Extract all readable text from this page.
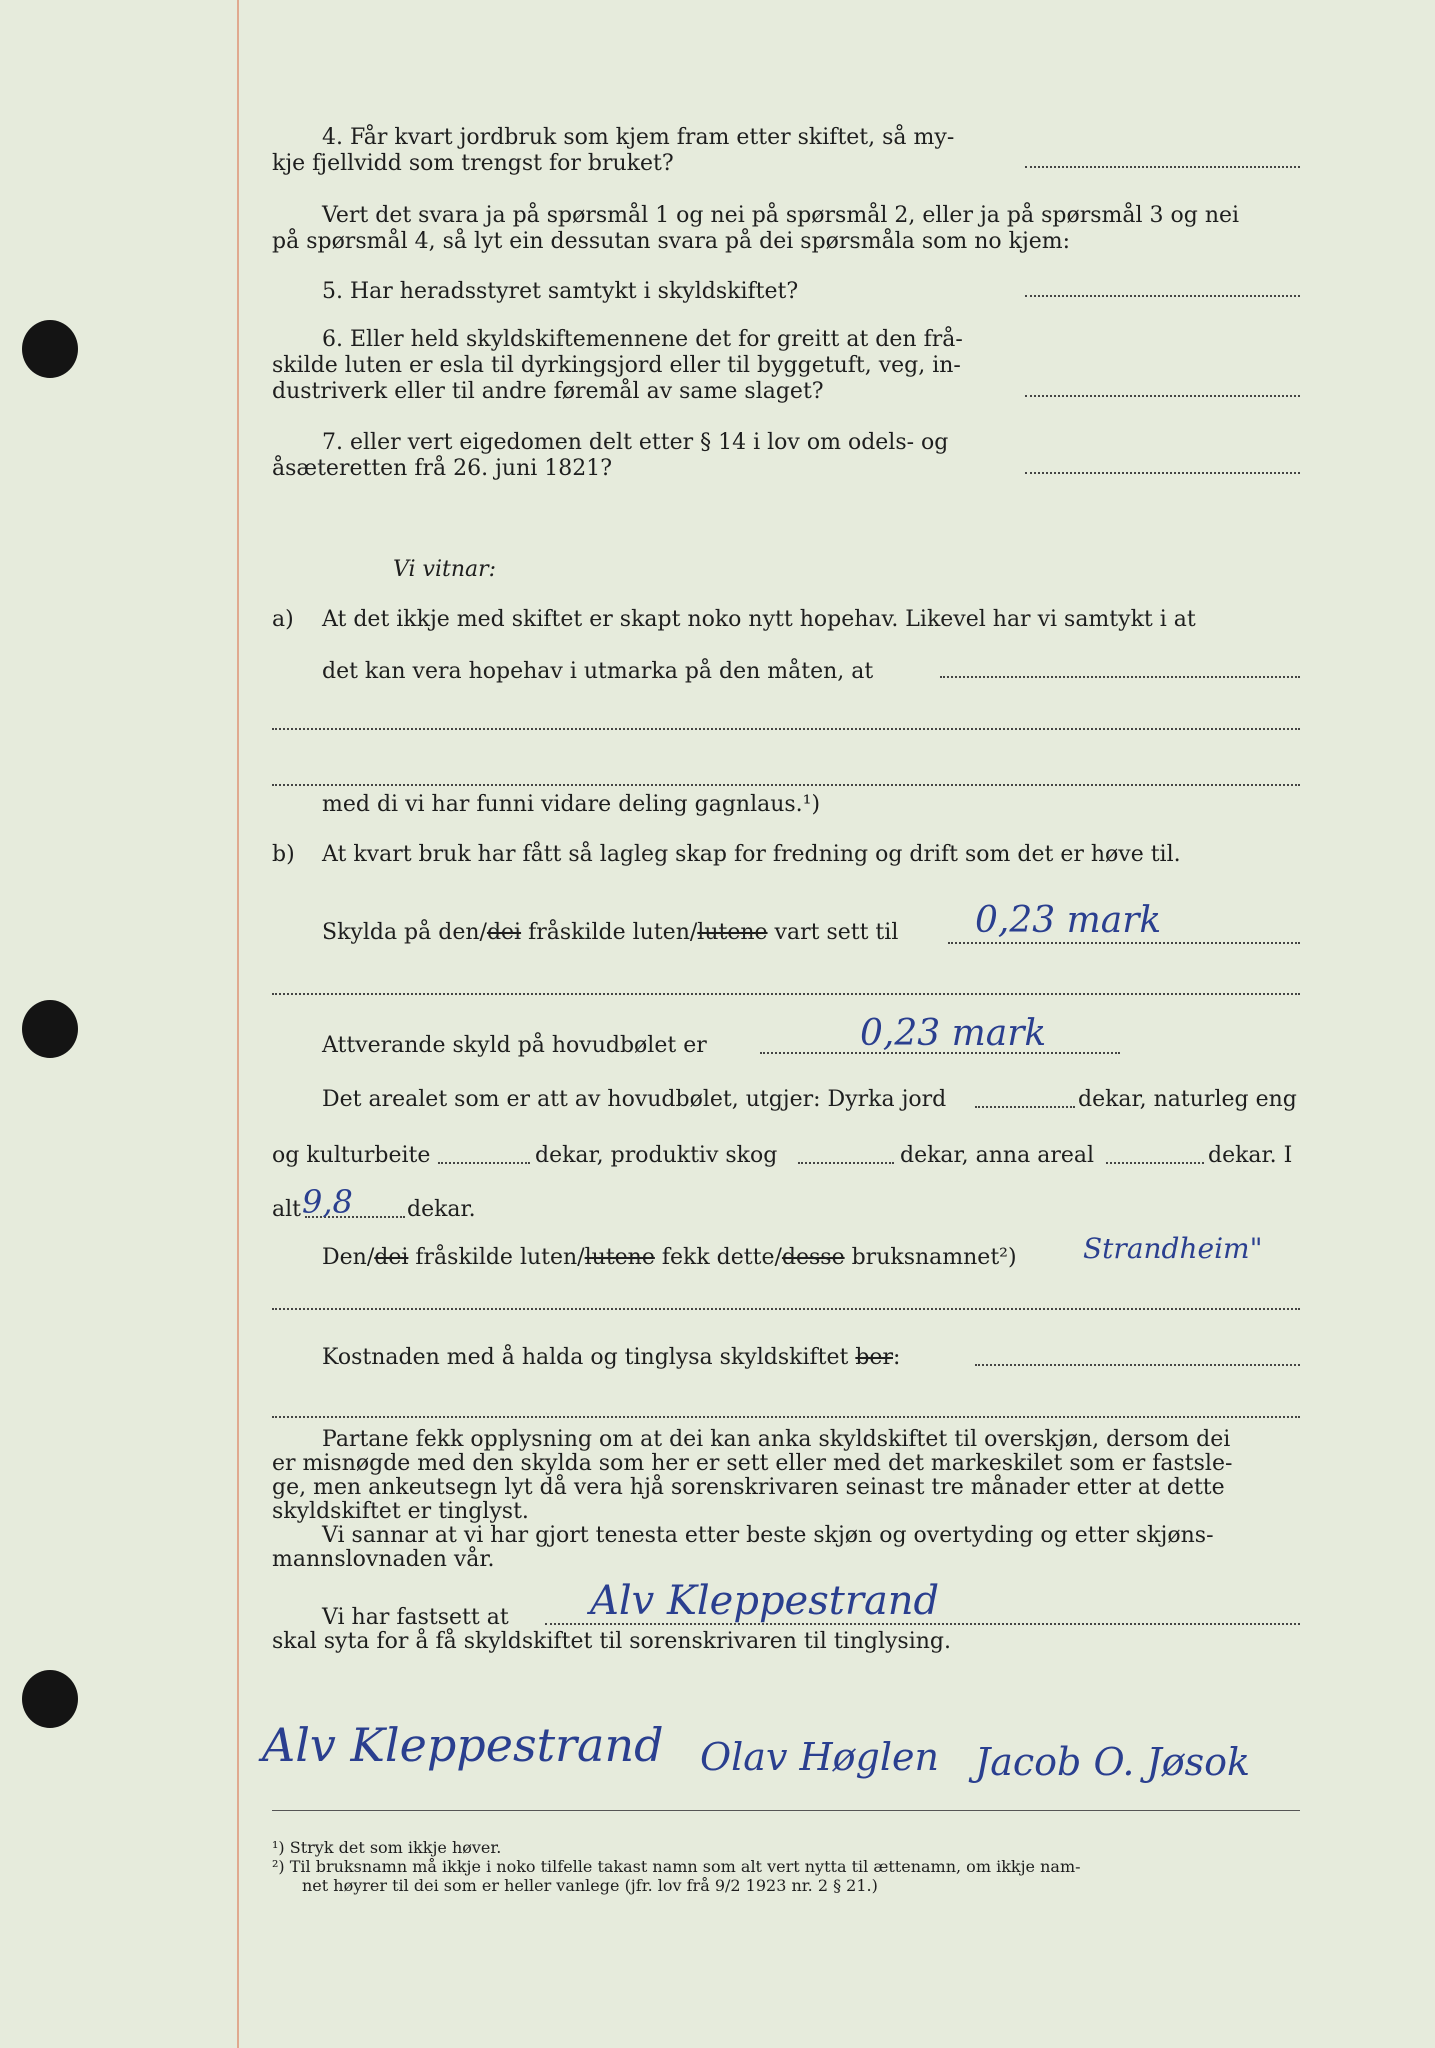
4. Får kvart jordbruk som kjem fram etter skiftet, så my-
kje fjellvidd som trengst for bruket?
Vert det svara ja på spørsmål 1 og nei på spørsmål 2, eller ja på spørsmål 3 og nei
på spørsmål 4, så lyt ein dessutan svara på dei spørsmåla som no kjem:
5. Har heradsstyret samtykt i skyldskiftet?
6. Eller held skyldskiftemennene det for greitt at den frå-
skilde luten er esla til dyrkingsjord eller til byggetuft, veg, in-
dustriverk eller til andre føremål av same slaget?
7. eller vert eigedomen delt etter § 14 i lov om odels- og
åsæteretten frå 26. juni 1821?
Vi vitnar:
a) At det ikkje med skiftet er skapt noko nytt hopehav. Likevel har vi samtykt i at
det kan vera hopehav i utmarka på den måten, at
med di vi har funni vidare deling gagnlaus.¹)
b) At kvart bruk har fått så lagleg skap for fredning og drift som det er høve til.
Skylda på den/dei fråskilde luten/lutene vart sett til 0,23 mark
Attverande skyld på hovudbølet er	0,23 mark
Det arealet som er att av hovudbølet, utgjer: Dyrka jord	dekar, naturleg eng
og kulturbeite	dekar, produktiv skog	dekar, anna areal	dekar. I
alt 9,8 dekar.
Den/dei fråskilde luten/lutene fekk dette/desse bruksnamnet²) Strandheim"
Kostnaden med å halda og tinglysa skyldskiftet ber:
Partane fekk opplysning om at dei kan anka skyldskiftet til overskjøn, dersom dei
er misnøgde med den skylda som her er sett eller med det markeskilet som er fastsle-
ge, men ankeutsegn lyt då vera hjå sorenskrivaren seinast tre månader etter at dette
skyldskiftet er tinglyst.
Vi sannar at vi har gjort tenesta etter beste skjøn og overtyding og etter skjøns-
mannslovnaden vår.
Vi har fastsett at Alv Kleppestrand
skal syta for å få skyldskiftet til sorenskrivaren til tinglysing.
Alv Kleppestrand Olav Høglen Jacob O. Jøsok
¹) Stryk det som ikkje høver.
²) Til bruksnamn må ikkje i noko tilfelle takast namn som alt vert nytta til ættenamn, om ikkje nam-
net høyrer til dei som er heller vanlege (jfr. lov frå 9/2 1923 nr. 2 § 21.)
